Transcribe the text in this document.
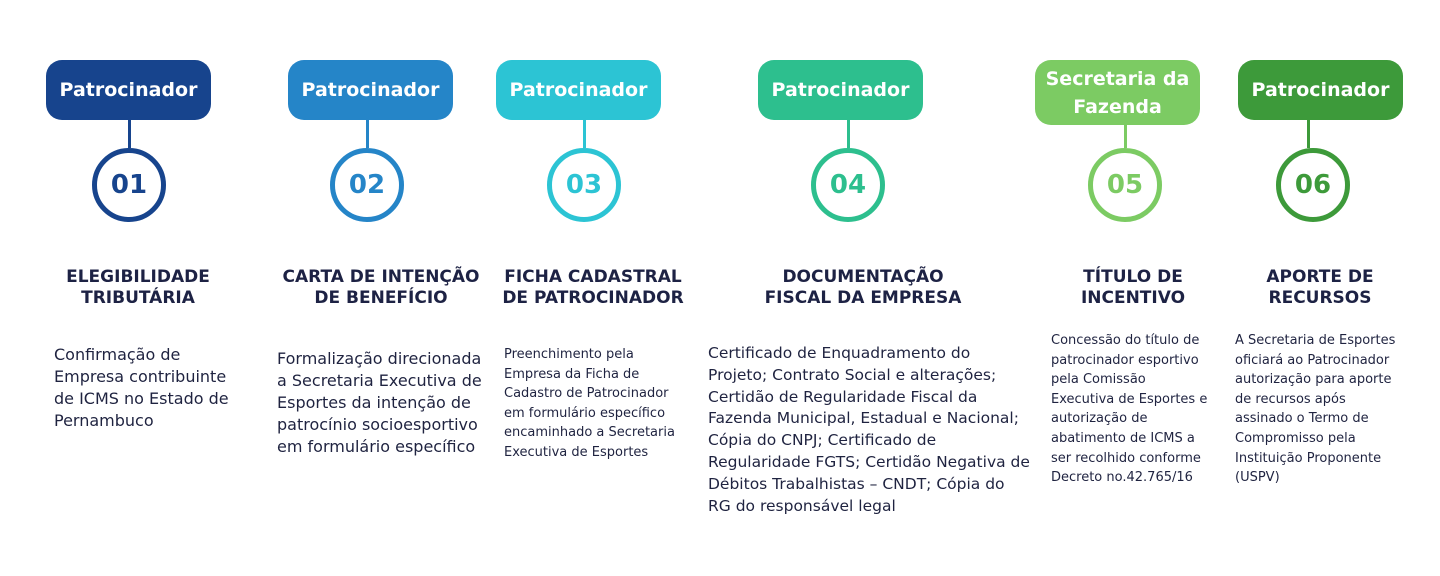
Patrocinador
01
ELEGIBILIDADE
TRIBUTÁRIA
Confirmação de
Empresa contribuinte
de ICMS no Estado de
Pernambuco
Patrocinador
02
CARTA DE INTENÇÃO
DE BENEFÍCIO
Formalização direcionada
a Secretaria Executiva de
Esportes da intenção de
patrocínio socioesportivo
em formulário específico
Patrocinador
03
FICHA CADASTRAL
DE PATROCINADOR
Preenchimento pela
Empresa da Ficha de
Cadastro de Patrocinador
em formulário específico
encaminhado a Secretaria
Executiva de Esportes
Patrocinador
04
DOCUMENTAÇÃO
FISCAL DA EMPRESA
Certificado de Enquadramento do
Projeto; Contrato Social e alterações;
Certidão de Regularidade Fiscal da
Fazenda Municipal, Estadual e Nacional;
Cópia do CNPJ; Certificado de
Regularidade FGTS; Certidão Negativa de
Débitos Trabalhistas – CNDT; Cópia do
RG do responsável legal
Secretaria da
Fazenda
05
TÍTULO DE
INCENTIVO
Concessão do título de
patrocinador esportivo
pela Comissão
Executiva de Esportes e
autorização de
abatimento de ICMS a
ser recolhido conforme
Decreto no.42.765/16
Patrocinador
06
APORTE DE
RECURSOS
A Secretaria de Esportes
oficiará ao Patrocinador
autorização para aporte
de recursos após
assinado o Termo de
Compromisso pela
Instituição Proponente
(USPV)
